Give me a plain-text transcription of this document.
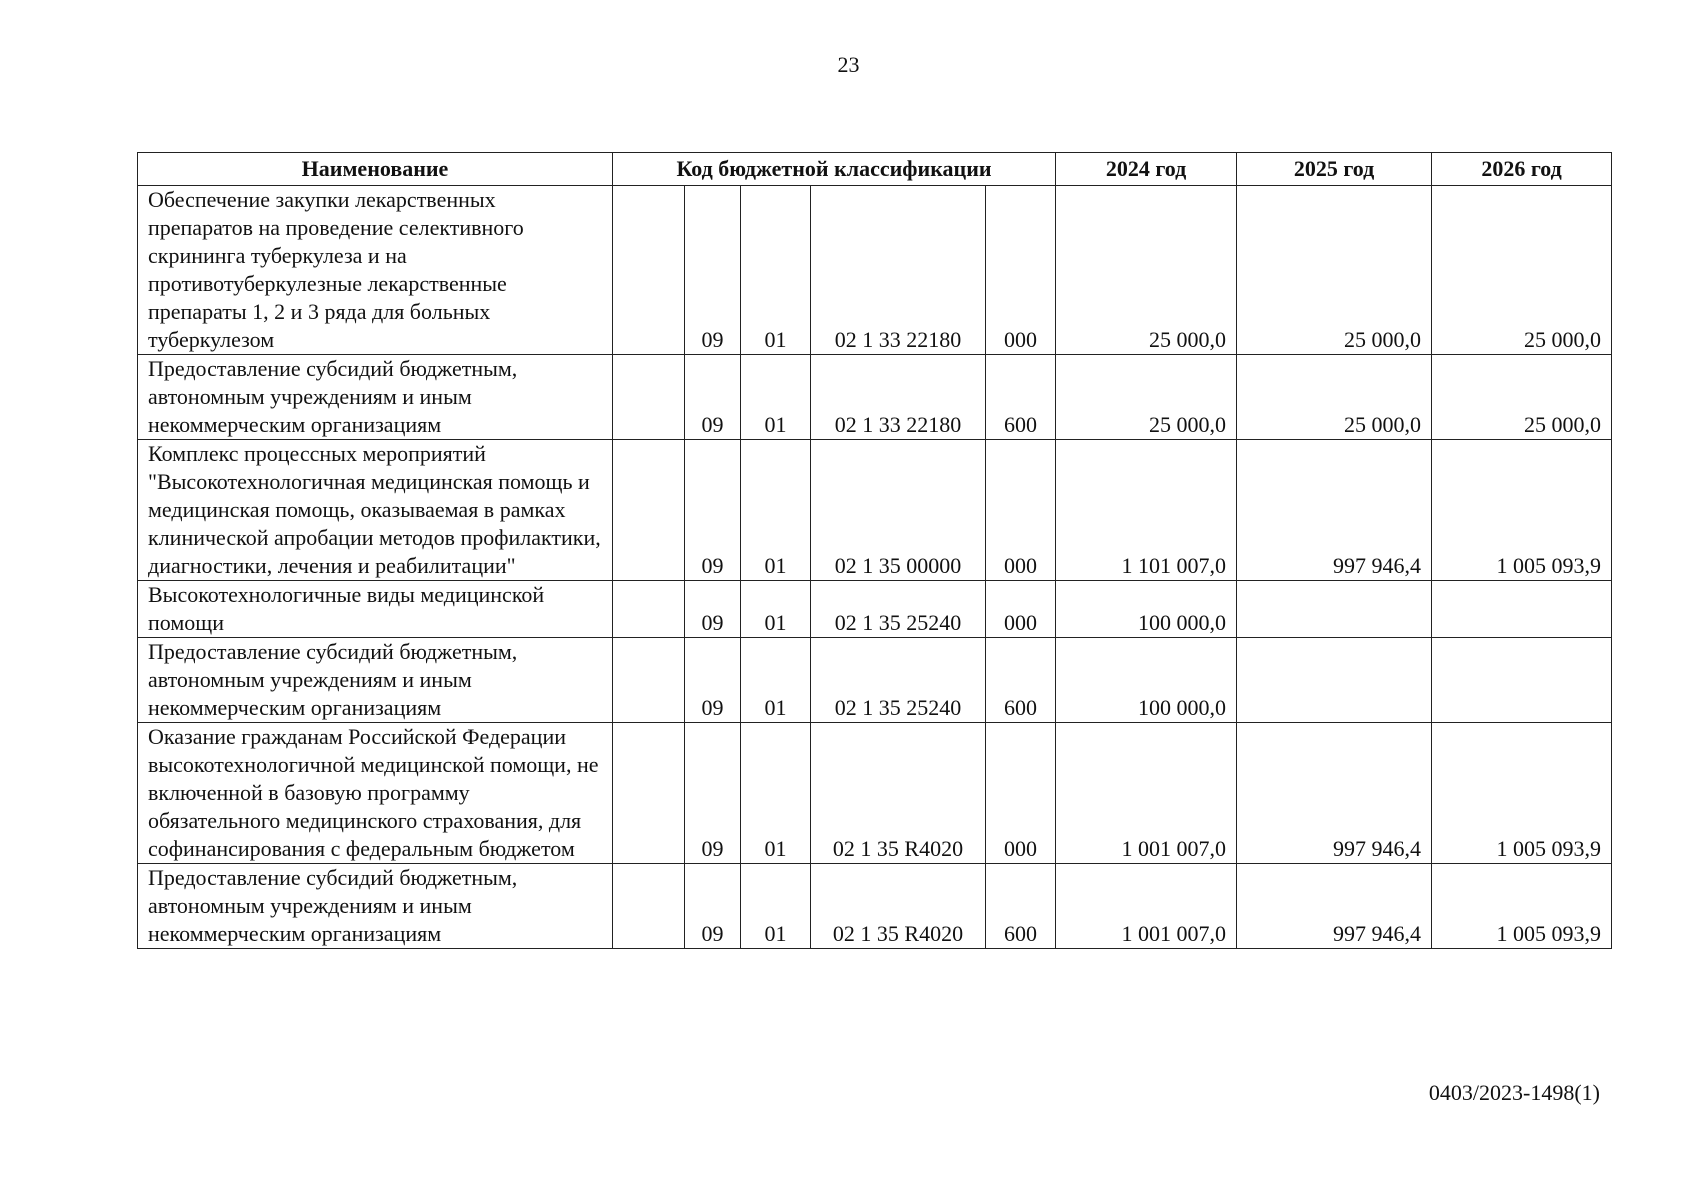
23
Наименование	Код бюджетной классификации					2024 год	2025 год	2026 год
Обеспечение закупки лекарственных препаратов на проведение селективного скрининга туберкулеза и на противотуберкулезные лекарственные препараты 1, 2 и 3 ряда для больных туберкулезом		09	01	02 1 33 22180	000	25 000,0	25 000,0	25 000,0
Предоставление субсидий бюджетным, автономным учреждениям и иным некоммерческим организациям		09	01	02 1 33 22180	600	25 000,0	25 000,0	25 000,0
Комплекс процессных мероприятий "Высокотехнологичная медицинская помощь и медицинская помощь, оказываемая в рамках клинической апробации методов профилактики, диагностики, лечения и реабилитации"		09	01	02 1 35 00000	000	1 101 007,0	997 946,4	1 005 093,9
Высокотехнологичные виды медицинской помощи		09	01	02 1 35 25240	000	100 000,0		
Предоставление субсидий бюджетным, автономным учреждениям и иным некоммерческим организациям		09	01	02 1 35 25240	600	100 000,0		
Оказание гражданам Российской Федерации высокотехнологичной медицинской помощи, не включенной в базовую программу обязательного медицинского страхования, для софинансирования с федеральным бюджетом		09	01	02 1 35 R4020	000	1 001 007,0	997 946,4	1 005 093,9
Предоставление субсидий бюджетным, автономным учреждениям и иным некоммерческим организациям		09	01	02 1 35 R4020	600	1 001 007,0	997 946,4	1 005 093,9
0403/2023-1498(1)
